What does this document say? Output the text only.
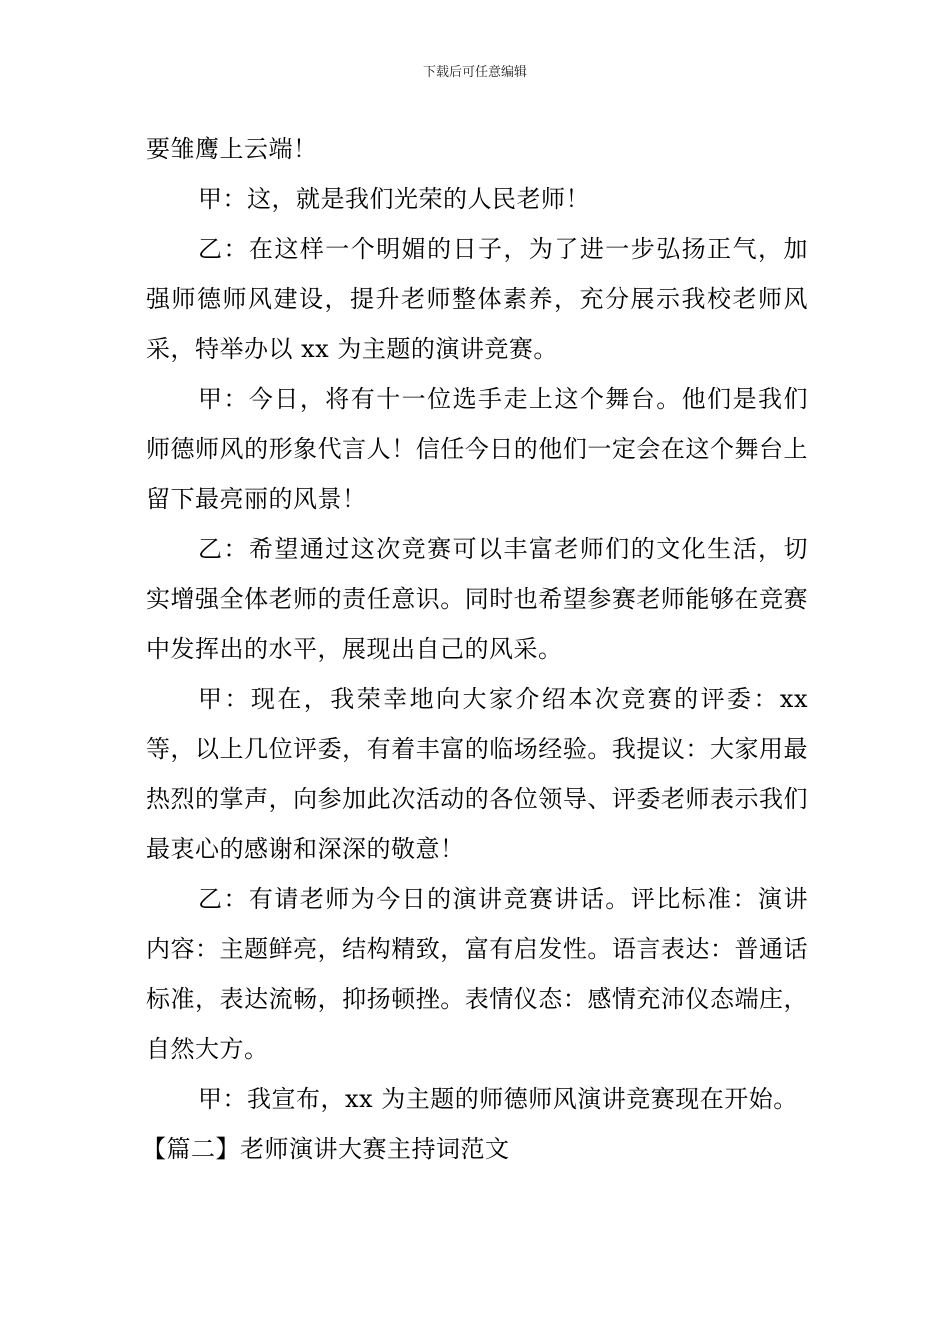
下载后可任意编辑

要雏鹰上云端！

甲：这，就是我们光荣的人民老师！

乙：在这样一个明媚的日子，为了进一步弘扬正气，加强师德师风建设，提升老师整体素养，充分展示我校老师风采，特举办以 xx 为主题的演讲竞赛。

甲：今日，将有十一位选手走上这个舞台。他们是我们师德师风的形象代言人！信任今日的他们一定会在这个舞台上留下最亮丽的风景！

乙：希望通过这次竞赛可以丰富老师们的文化生活，切实增强全体老师的责任意识。同时也希望参赛老师能够在竞赛中发挥出的水平，展现出自己的风采。

甲：现在，我荣幸地向大家介绍本次竞赛的评委：xx等，以上几位评委，有着丰富的临场经验。我提议：大家用最热烈的掌声，向参加此次活动的各位领导、评委老师表示我们最衷心的感谢和深深的敬意！

乙：有请老师为今日的演讲竞赛讲话。评比标准：演讲内容：主题鲜亮，结构精致，富有启发性。语言表达：普通话标准，表达流畅，抑扬顿挫。表情仪态：感情充沛仪态端庄，自然大方。

甲：我宣布，xx 为主题的师德师风演讲竞赛现在开始。

【篇二】老师演讲大赛主持词范文
